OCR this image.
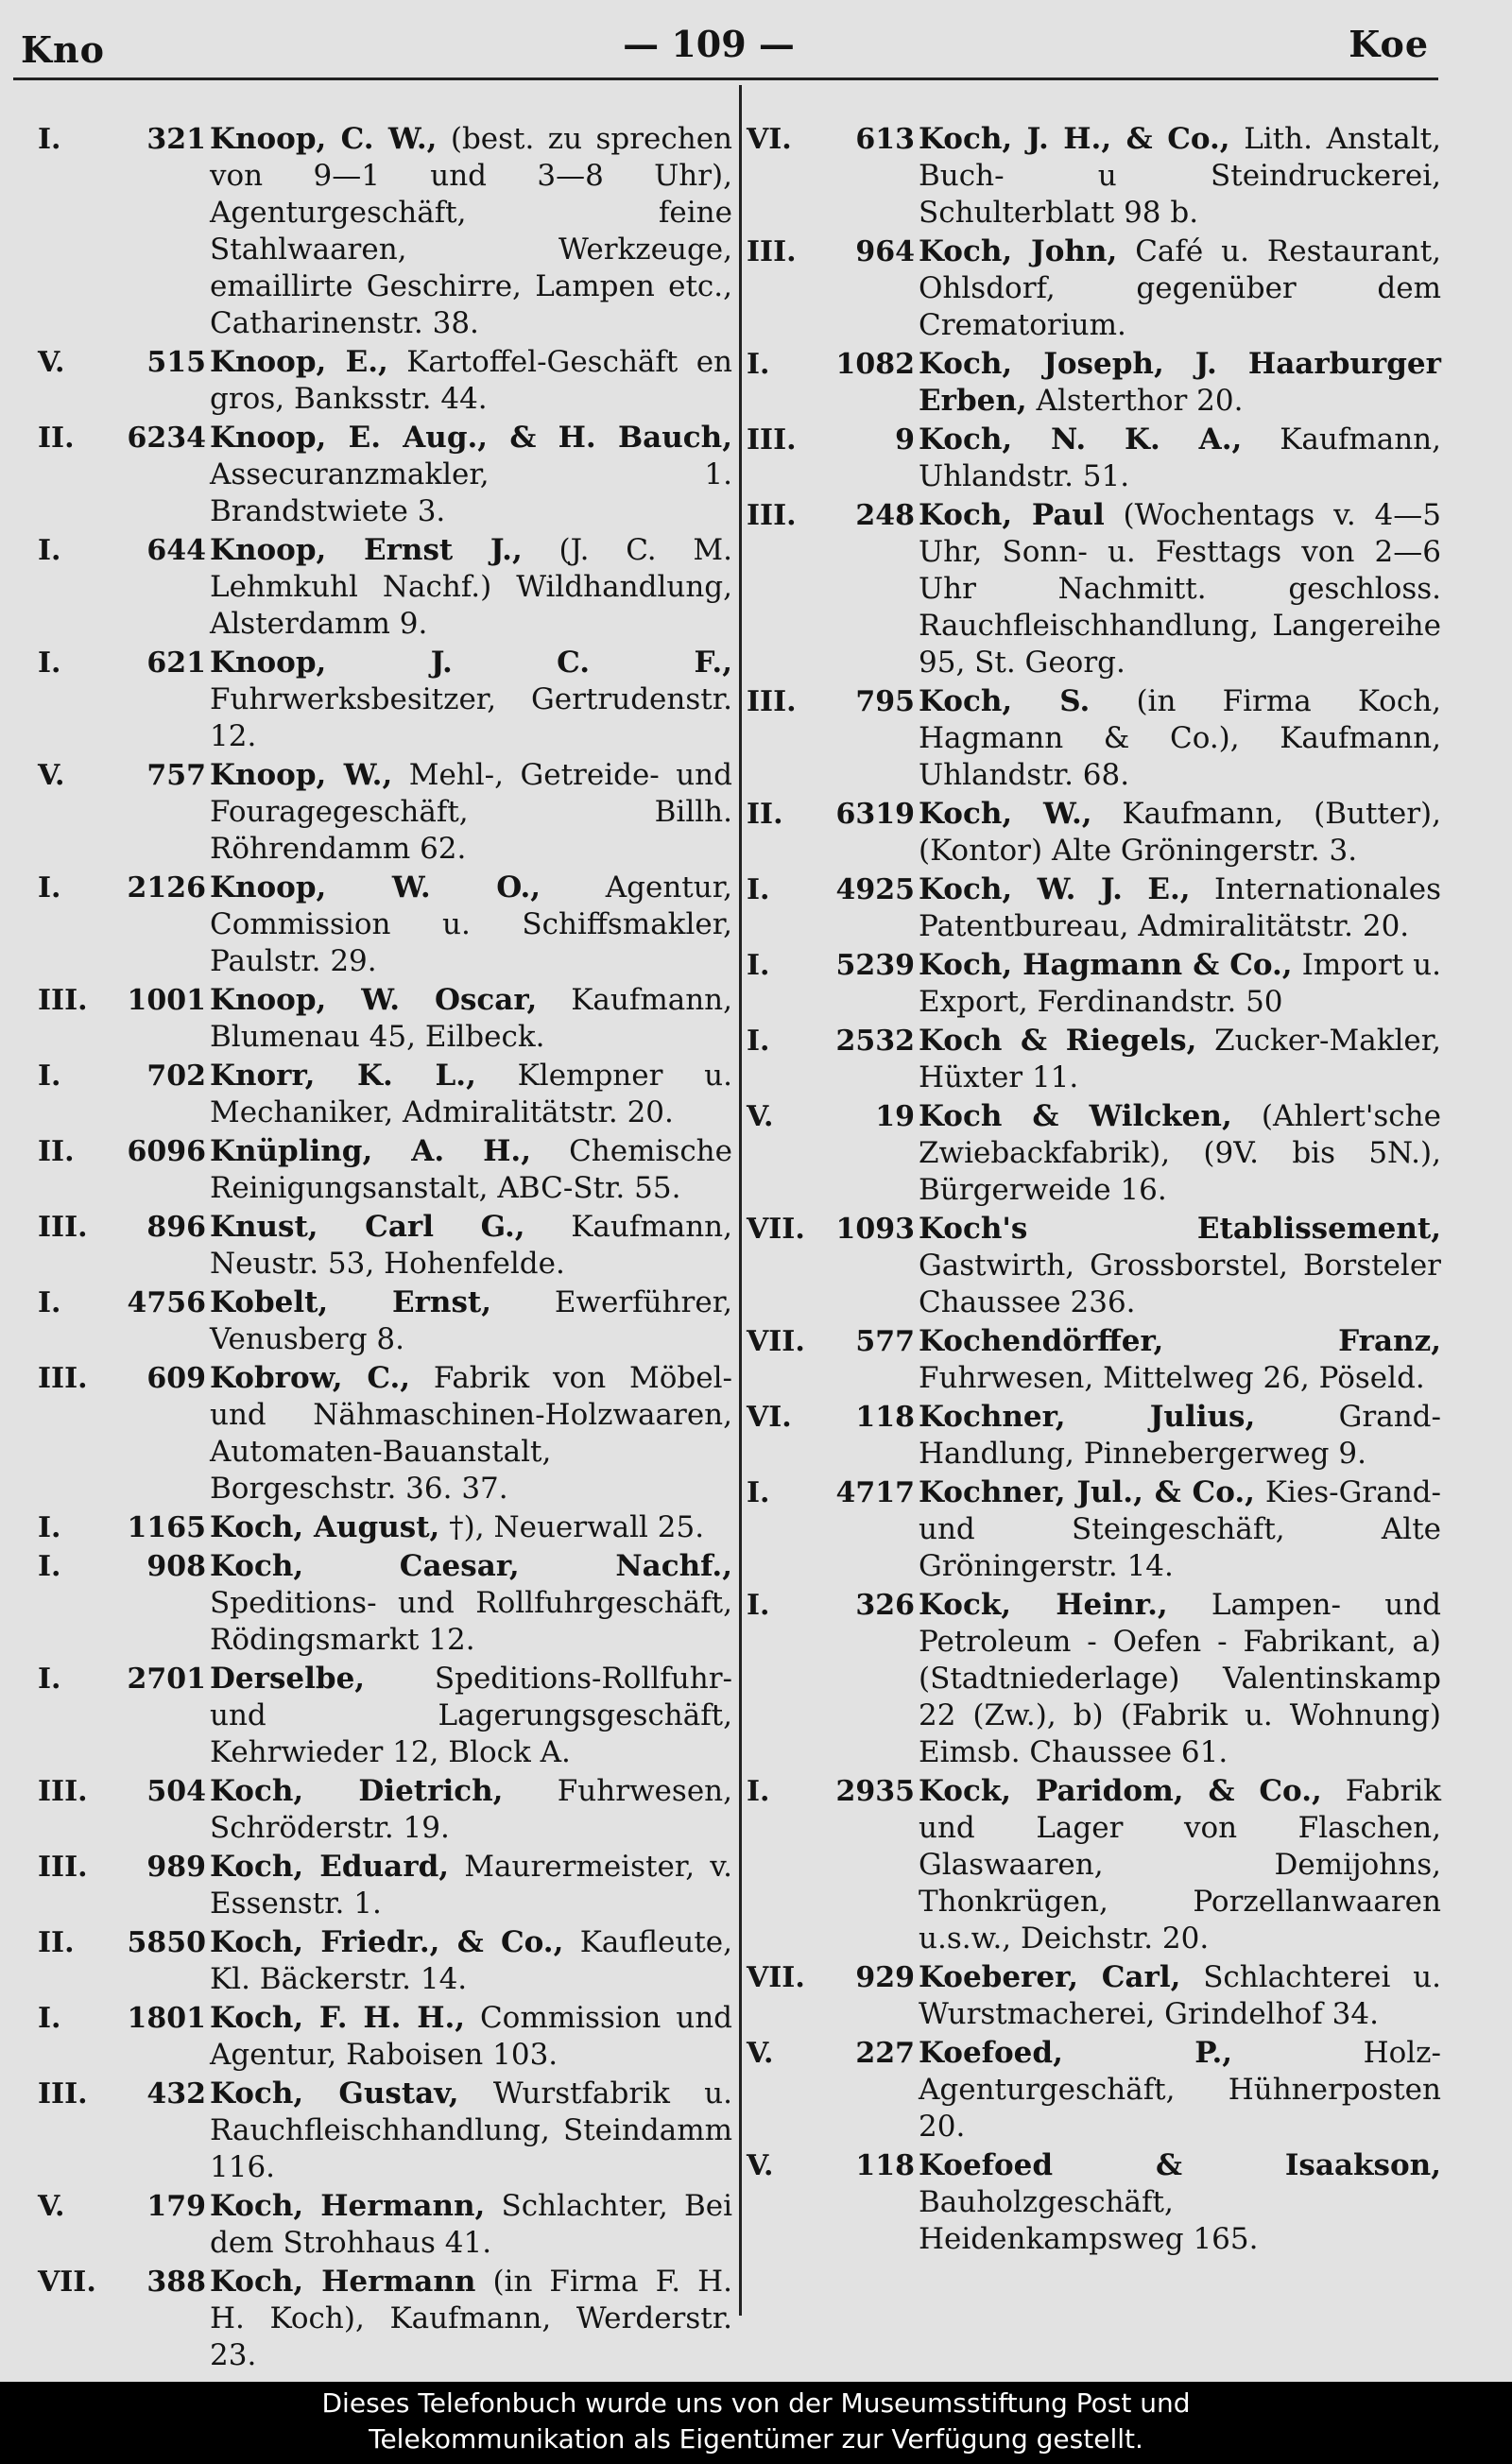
Kno	— 109 —	Koe
I.	321 Knoop, C. W., (best. zu sprechen von 9—1 und 3—8 Uhr), Agenturgeschäft, feine Stahlwaaren, Werkzeuge, emaillirte Geschirre, Lampen etc., Catharinenstr. 38.
V.	515 Knoop, E., Kartoffel-Geschäft en gros, Banksstr. 44.
II.	6234 Knoop, E. Aug., & H. Bauch, Assecuranzmakler, 1. Brandstwiete 3.
I.	644 Knoop, Ernst J., (J. C. M. Lehmkuhl Nachf.) Wildhandlung, Alsterdamm 9.
I.	621 Knoop, J. C. F., Fuhrwerksbesitzer, Gertrudenstr. 12.
V.	757 Knoop, W., Mehl-, Getreide- und Fouragegeschäft, Billh. Röhrendamm 62.
I.	2126 Knoop, W. O., Agentur, Commission u. Schiffsmakler, Paulstr. 29.
III.	1001 Knoop, W. Oscar, Kaufmann, Blumenau 45, Eilbeck.
I.	702 Knorr, K. L., Klempner u. Mechaniker, Admiralitätstr. 20.
II.	6096 Knüpling, A. H., Chemische Reinigungsanstalt, ABC-Str. 55.
III.	896 Knust, Carl G., Kaufmann, Neustr. 53, Hohenfelde.
I.	4756 Kobelt, Ernst, Ewerführer, Venusberg 8.
III.	609 Kobrow, C., Fabrik von Möbel- und Nähmaschinen-Holzwaaren, Automaten-Bauanstalt, Borgeschstr. 36. 37.
I.	1165 Koch, August, †), Neuerwall 25.
I.	908 Koch, Caesar, Nachf., Speditions- und Rollfuhrgeschäft, Rödingsmarkt 12.
I.	2701 Derselbe, Speditions-Rollfuhr- und Lagerungsgeschäft, Kehrwieder 12, Block A.
III.	504 Koch, Dietrich, Fuhrwesen, Schröderstr. 19.
III.	989 Koch, Eduard, Maurermeister, v. Essenstr. 1.
II.	5850 Koch, Friedr., & Co., Kaufleute, Kl. Bäckerstr. 14.
I.	1801 Koch, F. H. H., Commission und Agentur, Raboisen 103.
III.	432 Koch, Gustav, Wurstfabrik u. Rauchfleischhandlung, Steindamm 116.
V.	179 Koch, Hermann, Schlachter, Bei dem Strohhaus 41.
VII.	388 Koch, Hermann (in Firma F. H. H. Koch), Kaufmann, Werderstr. 23.
VI.	613 Koch, J. H., & Co., Lith. Anstalt, Buch- u Steindruckerei, Schulterblatt 98 b.
III.	964 Koch, John, Café u. Restaurant, Ohlsdorf, gegenüber dem Crematorium.
I.	1082 Koch, Joseph, J. Haarburger Erben, Alsterthor 20.
III.	9 Koch, N. K. A., Kaufmann, Uhlandstr. 51.
III.	248 Koch, Paul (Wochentags v. 4—5 Uhr, Sonn- u. Festtags von 2—6 Uhr Nachmitt. geschloss. Rauchfleischhandlung, Langereihe 95, St. Georg.
III.	795 Koch, S. (in Firma Koch, Hagmann & Co.), Kaufmann, Uhlandstr. 68.
II.	6319 Koch, W., Kaufmann, (Butter), (Kontor) Alte Gröningerstr. 3.
I.	4925 Koch, W. J. E., Internationales Patentbureau, Admiralitätstr. 20.
I.	5239 Koch, Hagmann & Co., Import u. Export, Ferdinandstr. 50
I.	2532 Koch & Riegels, Zucker-Makler, Hüxter 11.
V.	19 Koch & Wilcken, (Ahlert'sche Zwiebackfabrik), (9V. bis 5N.), Bürgerweide 16.
VII.	1093 Koch's Etablissement, Gastwirth, Grossborstel, Borsteler Chaussee 236.
VII.	577 Kochendörffer, Franz, Fuhrwesen, Mittelweg 26, Pöseld.
VI.	118 Kochner, Julius, Grand-Handlung, Pinnebergerweg 9.
I.	4717 Kochner, Jul., & Co., Kies-Grand- und Steingeschäft, Alte Gröningerstr. 14.
I.	326 Kock, Heinr., Lampen- und Petroleum - Oefen - Fabrikant, a) (Stadtniederlage) Valentinskamp 22 (Zw.), b) (Fabrik u. Wohnung) Eimsb. Chaussee 61.
I.	2935 Kock, Paridom, & Co., Fabrik und Lager von Flaschen, Glaswaaren, Demijohns, Thonkrügen, Porzellanwaaren u.s.w., Deichstr. 20.
VII.	929 Koeberer, Carl, Schlachterei u. Wurstmacherei, Grindelhof 34.
V.	227 Koefoed, P., Holz-Agenturgeschäft, Hühnerposten 20.
V.	118 Koefoed & Isaakson, Bauholzgeschäft, Heidenkampsweg 165.
Dieses Telefonbuch wurde uns von der Museumsstiftung Post und
Telekommunikation als Eigentümer zur Verfügung gestellt.
